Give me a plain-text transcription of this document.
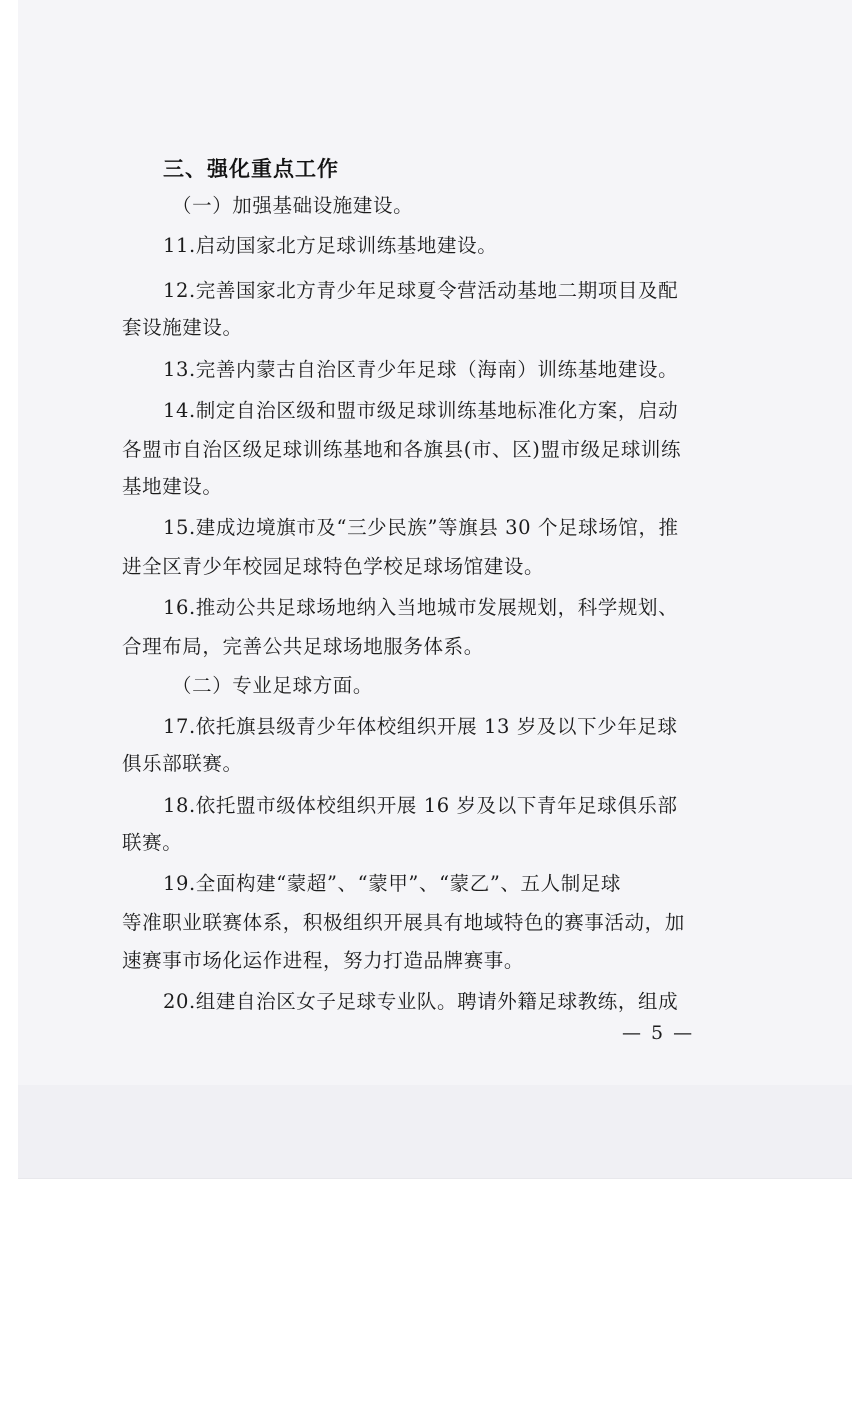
三、强化重点工作
（一）加强基础设施建设。
11.启动国家北方足球训练基地建设。
12.完善国家北方青少年足球夏令营活动基地二期项目及配
套设施建设。
13.完善内蒙古自治区青少年足球（海南）训练基地建设。
14.制定自治区级和盟市级足球训练基地标准化方案，启动
各盟市自治区级足球训练基地和各旗县(市、区)盟市级足球训练
基地建设。
15.建成边境旗市及“三少民族”等旗县 30 个足球场馆，推
进全区青少年校园足球特色学校足球场馆建设。
16.推动公共足球场地纳入当地城市发展规划，科学规划、
合理布局，完善公共足球场地服务体系。
（二）专业足球方面。
17.依托旗县级青少年体校组织开展 13 岁及以下少年足球
俱乐部联赛。
18.依托盟市级体校组织开展 16 岁及以下青年足球俱乐部
联赛。
19.全面构建“蒙超”、“蒙甲”、“蒙乙”、五人制足球
等准职业联赛体系，积极组织开展具有地域特色的赛事活动，加
速赛事市场化运作进程，努力打造品牌赛事。
20.组建自治区女子足球专业队。聘请外籍足球教练，组成
— 5 —
